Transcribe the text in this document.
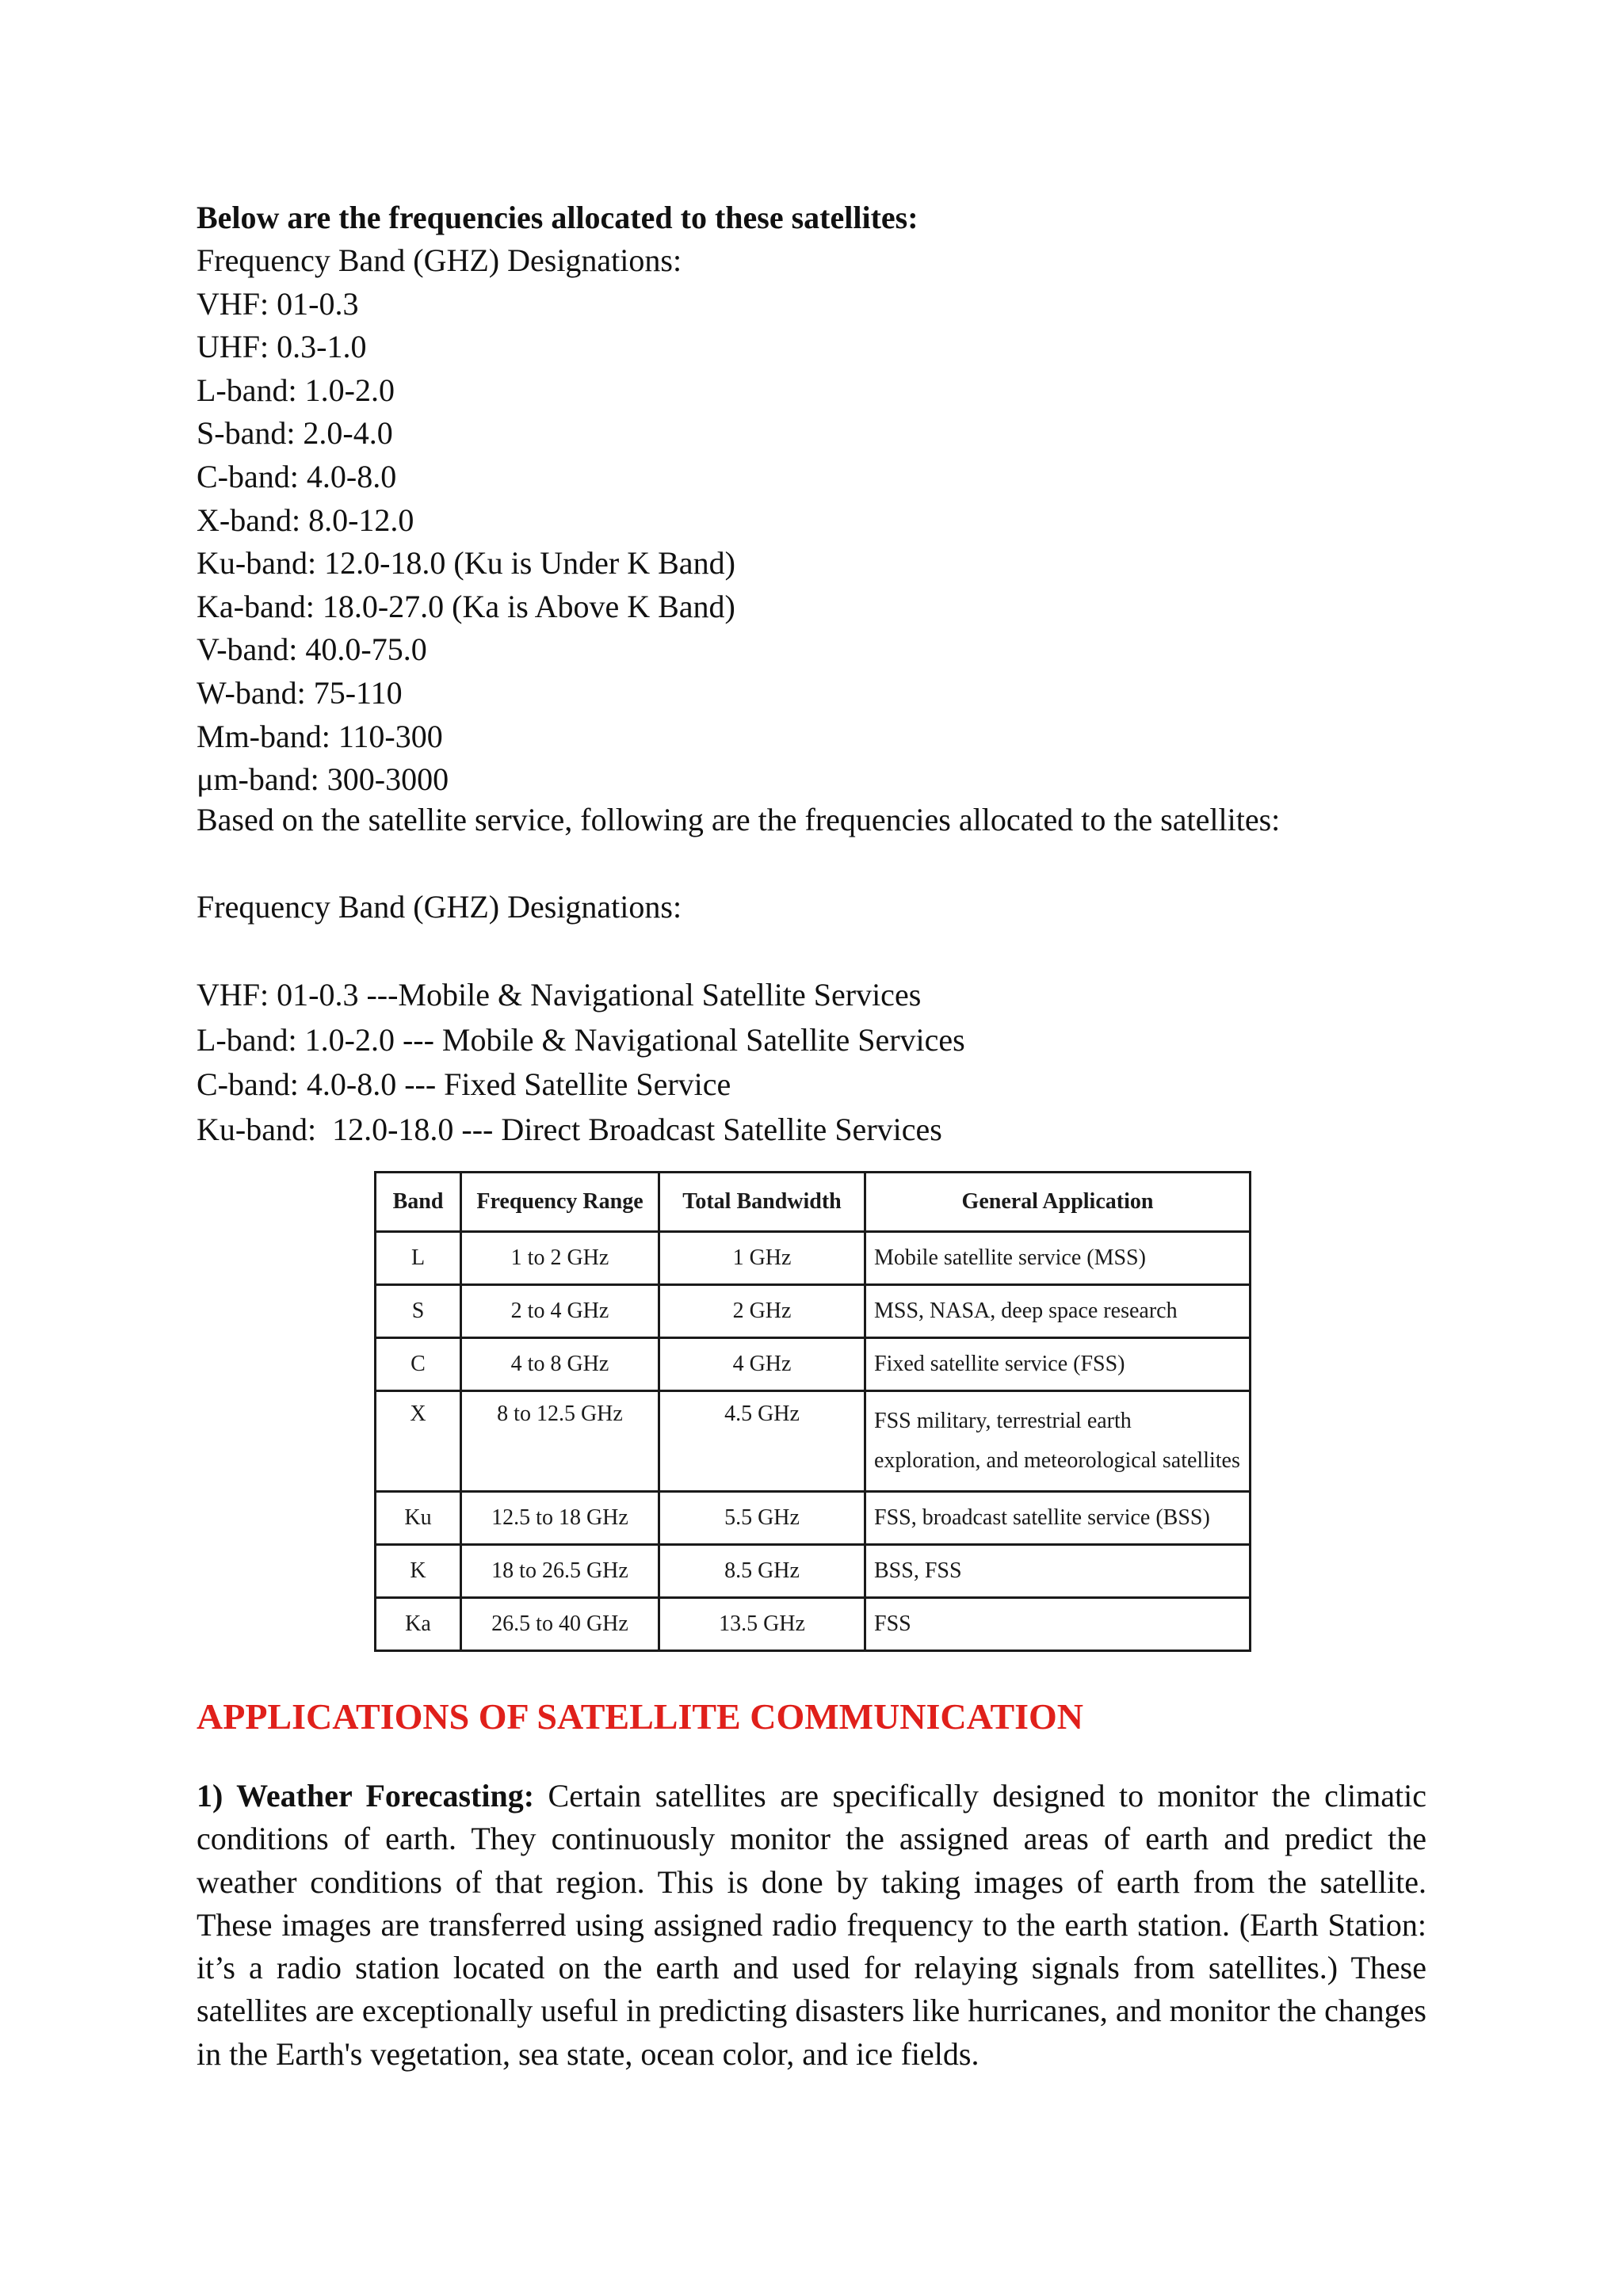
Below are the frequencies allocated to these satellites:

Frequency Band (GHZ) Designations:
VHF: 01-0.3
UHF: 0.3-1.0
L-band: 1.0-2.0
S-band: 2.0-4.0
C-band: 4.0-8.0
X-band: 8.0-12.0
Ku-band: 12.0-18.0 (Ku is Under K Band)
Ka-band: 18.0-27.0 (Ka is Above K Band)
V-band: 40.0-75.0
W-band: 75-110
Mm-band: 110-300
μm-band: 300-3000

Based on the satellite service, following are the frequencies allocated to the satellites:

Frequency Band (GHZ) Designations:

VHF: 01-0.3 ---Mobile & Navigational Satellite Services
L-band: 1.0-2.0 --- Mobile & Navigational Satellite Services
C-band: 4.0-8.0 --- Fixed Satellite Service
Ku-band:  12.0-18.0 --- Direct Broadcast Satellite Services
APPLICATIONS OF SATELLITE COMMUNICATION

1) Weather Forecasting: Certain satellites are specifically designed to monitor the climatic conditions of earth. They continuously monitor the assigned areas of earth and predict the weather conditions of that region. This is done by taking images of earth from the satellite. These images are transferred using assigned radio frequency to the earth station. (Earth Station: it’s a radio station located on the earth and used for relaying signals from satellites.) These satellites are exceptionally useful in predicting disasters like hurricanes, and monitor the changes in the Earth's vegetation, sea state, ocean color, and ice fields.

Band	Frequency Range	Total Bandwidth	General Application
L	1 to 2 GHz	1 GHz	Mobile satellite service (MSS)
S	2 to 4 GHz	2 GHz	MSS, NASA, deep space research
C	4 to 8 GHz	4 GHz	Fixed satellite service (FSS)
X	8 to 12.5 GHz	4.5 GHz	FSS military, terrestrial earth exploration, and meteorological satellites
Ku	12.5 to 18 GHz	5.5 GHz	FSS, broadcast satellite service (BSS)
K	18 to 26.5 GHz	8.5 GHz	BSS, FSS
Ka	26.5 to 40 GHz	13.5 GHz	FSS
